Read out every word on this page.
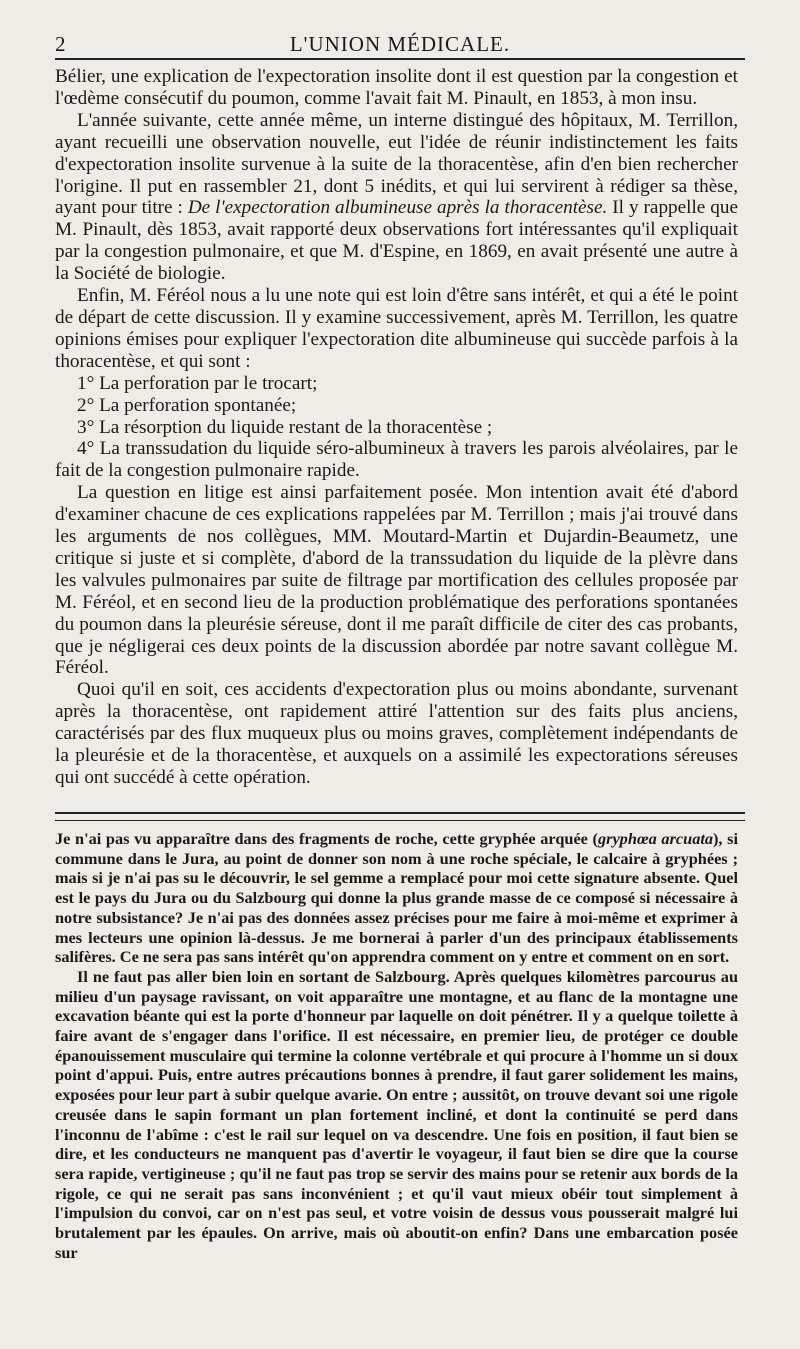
2	L'UNION MÉDICALE.

Bélier, une explication de l'expectoration insolite dont il est question par la congestion et l'œdème consécutif du poumon, comme l'avait fait M. Pinault, en 1853, à mon insu.

L'année suivante, cette année même, un interne distingué des hôpitaux, M. Terrillon, ayant recueilli une observation nouvelle, eut l'idée de réunir indistinctement les faits d'expectoration insolite survenue à la suite de la thoracentèse, afin d'en bien rechercher l'origine. Il put en rassembler 21, dont 5 inédits, et qui lui servirent à rédiger sa thèse, ayant pour titre : De l'expectoration albumineuse après la thoracentèse. Il y rappelle que M. Pinault, dès 1853, avait rapporté deux observations fort intéressantes qu'il expliquait par la congestion pulmonaire, et que M. d'Espine, en 1869, en avait présenté une autre à la Société de biologie.

Enfin, M. Féréol nous a lu une note qui est loin d'être sans intérêt, et qui a été le point de départ de cette discussion. Il y examine successivement, après M. Terrillon, les quatre opinions émises pour expliquer l'expectoration dite albumineuse qui succède parfois à la thoracentèse, et qui sont :

1° La perforation par le trocart;

2° La perforation spontanée;

3° La résorption du liquide restant de la thoracentèse ;

4° La transsudation du liquide séro-albumineux à travers les parois alvéolaires, par le fait de la congestion pulmonaire rapide.

La question en litige est ainsi parfaitement posée. Mon intention avait été d'abord d'examiner chacune de ces explications rappelées par M. Terrillon ; mais j'ai trouvé dans les arguments de nos collègues, MM. Moutard-Martin et Dujardin-Beaumetz, une critique si juste et si complète, d'abord de la transsudation du liquide de la plèvre dans les valvules pulmonaires par suite de filtrage par mortification des cellules proposée par M. Féréol, et en second lieu de la production problématique des perforations spontanées du poumon dans la pleurésie séreuse, dont il me paraît difficile de citer des cas probants, que je négligerai ces deux points de la discussion abordée par notre savant collègue M. Féréol.

Quoi qu'il en soit, ces accidents d'expectoration plus ou moins abondante, survenant après la thoracentèse, ont rapidement attiré l'attention sur des faits plus anciens, caractérisés par des flux muqueux plus ou moins graves, complètement indépendants de la pleurésie et de la thoracentèse, et auxquels on a assimilé les expectorations séreuses qui ont succédé à cette opération.

Je n'ai pas vu apparaître dans des fragments de roche, cette gryphée arquée (gryphœa arcuata), si commune dans le Jura, au point de donner son nom à une roche spéciale, le calcaire à gryphées ; mais si je n'ai pas su le découvrir, le sel gemme a remplacé pour moi cette signature absente. Quel est le pays du Jura ou du Salzbourg qui donne la plus grande masse de ce composé si nécessaire à notre subsistance? Je n'ai pas des données assez précises pour me faire à moi-même et exprimer à mes lecteurs une opinion là-dessus. Je me bornerai à parler d'un des principaux établissements salifères. Ce ne sera pas sans intérêt qu'on apprendra comment on y entre et comment on en sort.

Il ne faut pas aller bien loin en sortant de Salzbourg. Après quelques kilomètres parcourus au milieu d'un paysage ravissant, on voit apparaître une montagne, et au flanc de la montagne une excavation béante qui est la porte d'honneur par laquelle on doit pénétrer. Il y a quelque toilette à faire avant de s'engager dans l'orifice. Il est nécessaire, en premier lieu, de protéger ce double épanouissement musculaire qui termine la colonne vertébrale et qui procure à l'homme un si doux point d'appui. Puis, entre autres précautions bonnes à prendre, il faut garer solidement les mains, exposées pour leur part à subir quelque avarie. On entre ; aussitôt, on trouve devant soi une rigole creusée dans le sapin formant un plan fortement incliné, et dont la continuité se perd dans l'inconnu de l'abîme : c'est le rail sur lequel on va descendre. Une fois en position, il faut bien se dire, et les conducteurs ne manquent pas d'avertir le voyageur, il faut bien se dire que la course sera rapide, vertigineuse ; qu'il ne faut pas trop se servir des mains pour se retenir aux bords de la rigole, ce qui ne serait pas sans inconvénient ; et qu'il vaut mieux obéir tout simplement à l'impulsion du convoi, car on n'est pas seul, et votre voisin de dessus vous pousserait malgré lui brutalement par les épaules. On arrive, mais où aboutit-on enfin? Dans une embarcation posée sur
